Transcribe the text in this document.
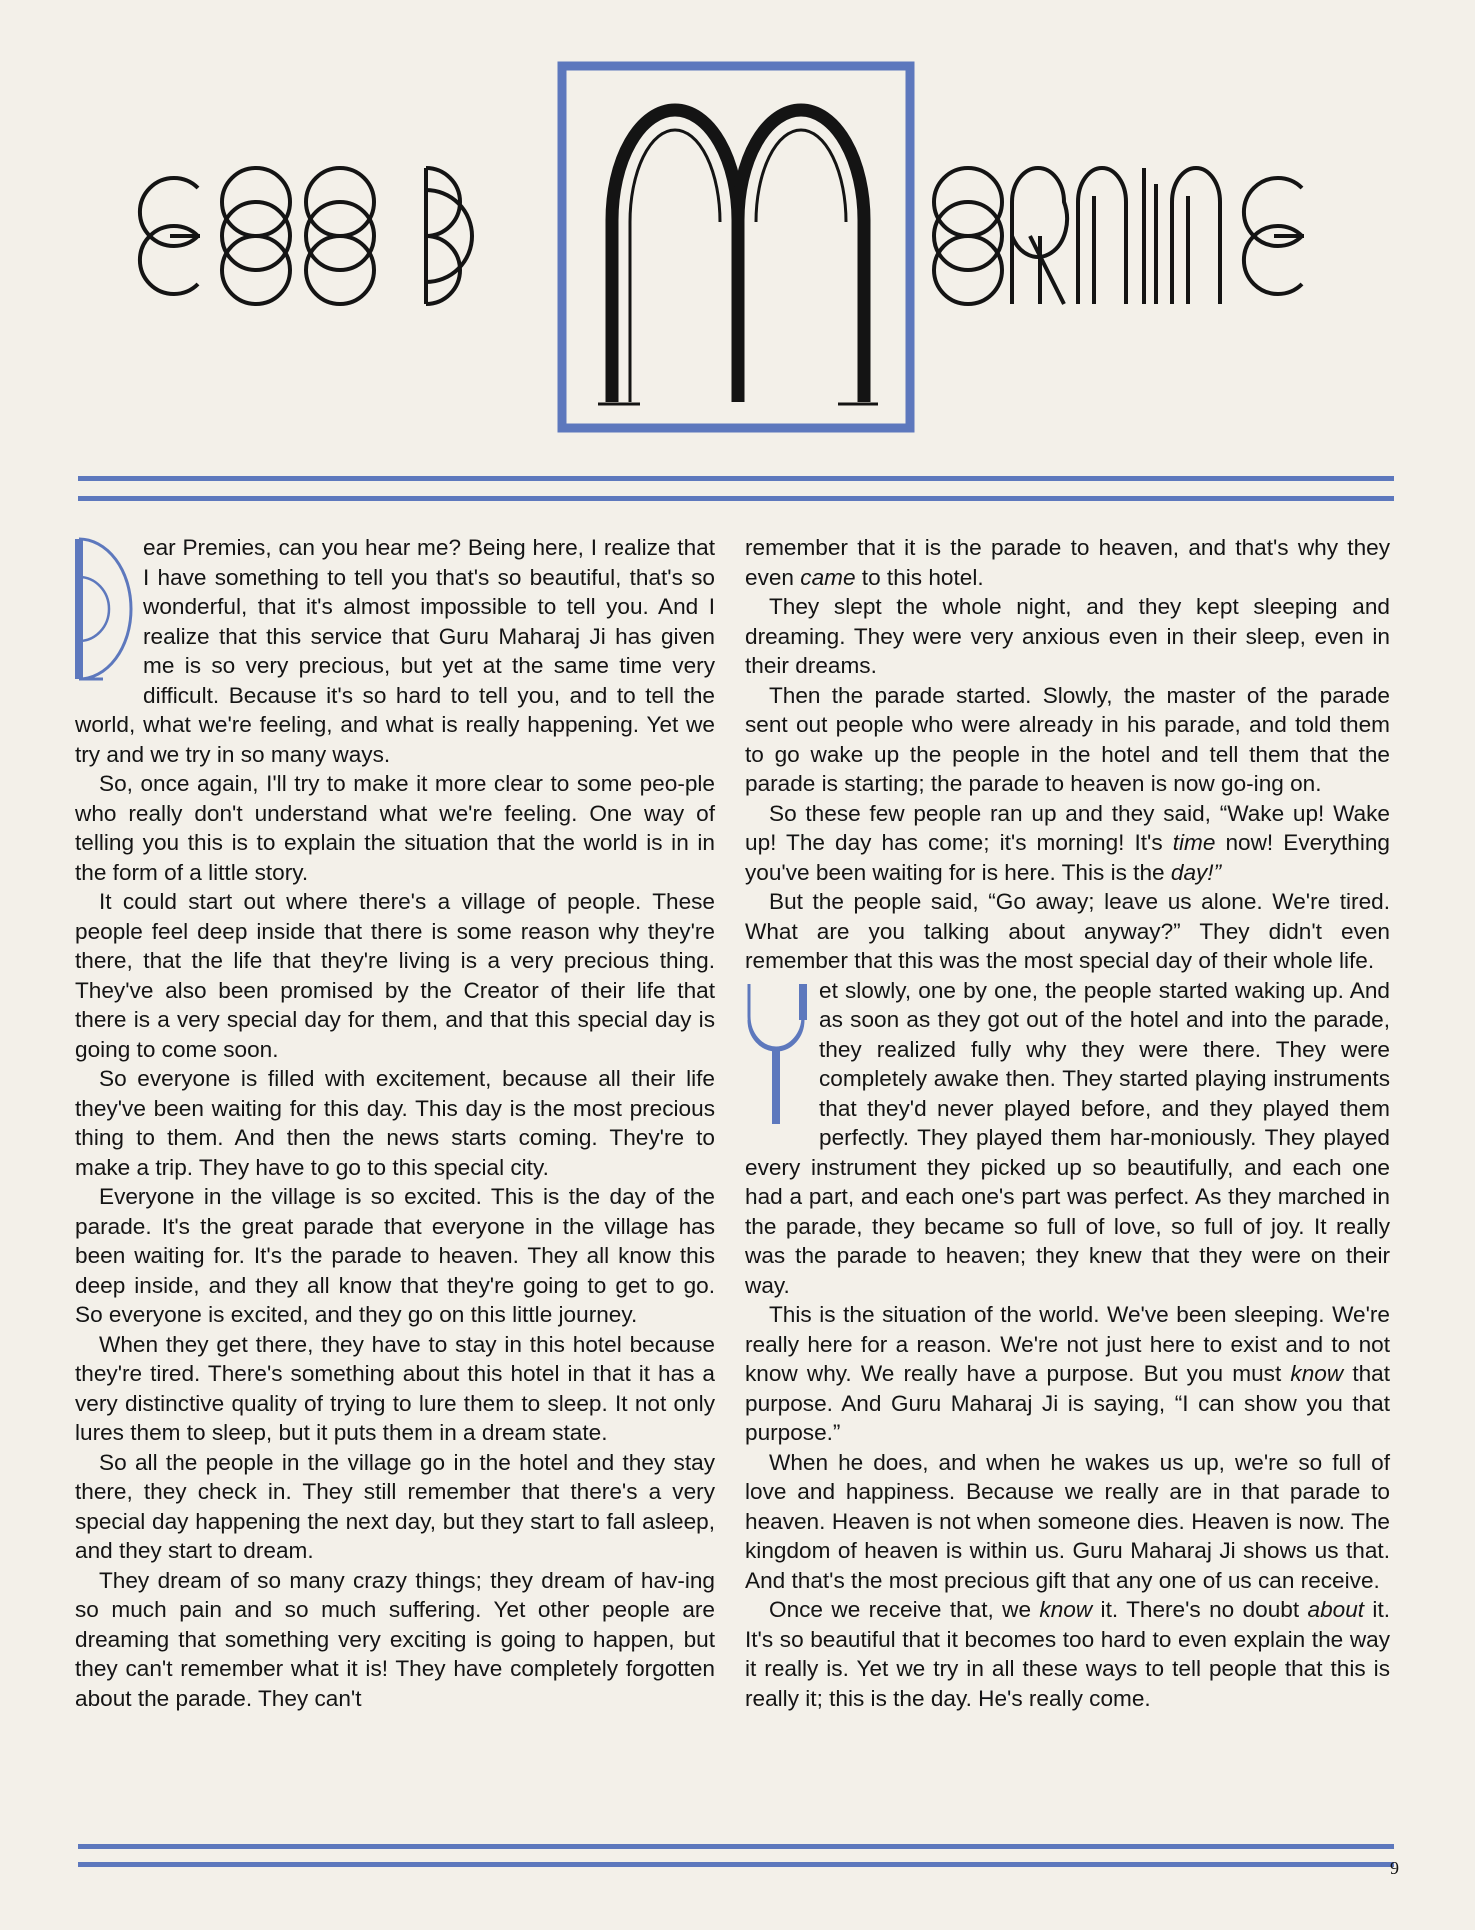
ear Premies, can you hear me? Being here, I realize that I have something to tell you that's so beautiful, that's so wonderful, that it's almost impossible to tell you. And I realize that this service that Guru Maharaj Ji has given me is so very precious, but yet at the same time very difficult. Because it's so hard to tell you, and to tell the world, what we're feeling, and what is really happening. Yet we try and we try in so many ways.

So, once again, I'll try to make it more clear to some peo-ple who really don't understand what we're feeling. One way of telling you this is to explain the situation that the world is in in the form of a little story.

It could start out where there's a village of people. These people feel deep inside that there is some reason why they're there, that the life that they're living is a very precious thing. They've also been promised by the Creator of their life that there is a very special day for them, and that this special day is going to come soon.

So everyone is filled with excitement, because all their life they've been waiting for this day. This day is the most precious thing to them. And then the news starts coming. They're to make a trip. They have to go to this special city.

Everyone in the village is so excited. This is the day of the parade. It's the great parade that everyone in the village has been waiting for. It's the parade to heaven. They all know this deep inside, and they all know that they're going to get to go. So everyone is excited, and they go on this little journey.

When they get there, they have to stay in this hotel because they're tired. There's something about this hotel in that it has a very distinctive quality of trying to lure them to sleep. It not only lures them to sleep, but it puts them in a dream state.

So all the people in the village go in the hotel and they stay there, they check in. They still remember that there's a very special day happening the next day, but they start to fall asleep, and they start to dream.

They dream of so many crazy things; they dream of hav-ing so much pain and so much suffering. Yet other people are dreaming that something very exciting is going to happen, but they can't remember what it is! They have completely forgotten about the parade. They can't

remember that it is the parade to heaven, and that's why they even came to this hotel.

They slept the whole night, and they kept sleeping and dreaming. They were very anxious even in their sleep, even in their dreams.

Then the parade started. Slowly, the master of the parade sent out people who were already in his parade, and told them to go wake up the people in the hotel and tell them that the parade is starting; the parade to heaven is now go-ing on.

So these few people ran up and they said, “Wake up! Wake up! The day has come; it's morning! It's time now! Everything you've been waiting for is here. This is the day!”

But the people said, “Go away; leave us alone. We're tired. What are you talking about anyway?” They didn't even remember that this was the most special day of their whole life.

et slowly, one by one, the people started waking up. And as soon as they got out of the hotel and into the parade, they realized fully why they were there. They were completely awake then. They started playing instruments that they'd never played before, and they played them perfectly. They played them har-moniously. They played every instrument they picked up so beautifully, and each one had a part, and each one's part was perfect. As they marched in the parade, they became so full of love, so full of joy. It really was the parade to heaven; they knew that they were on their way.

This is the situation of the world. We've been sleeping. We're really here for a reason. We're not just here to exist and to not know why. We really have a purpose. But you must know that purpose. And Guru Maharaj Ji is saying, “I can show you that purpose.”

When he does, and when he wakes us up, we're so full of love and happiness. Because we really are in that parade to heaven. Heaven is not when someone dies. Heaven is now. The kingdom of heaven is within us. Guru Maharaj Ji shows us that. And that's the most precious gift that any one of us can receive.

Once we receive that, we know it. There's no doubt about it. It's so beautiful that it becomes too hard to even explain the way it really is. Yet we try in all these ways to tell people that this is really it; this is the day. He's really come.

9
